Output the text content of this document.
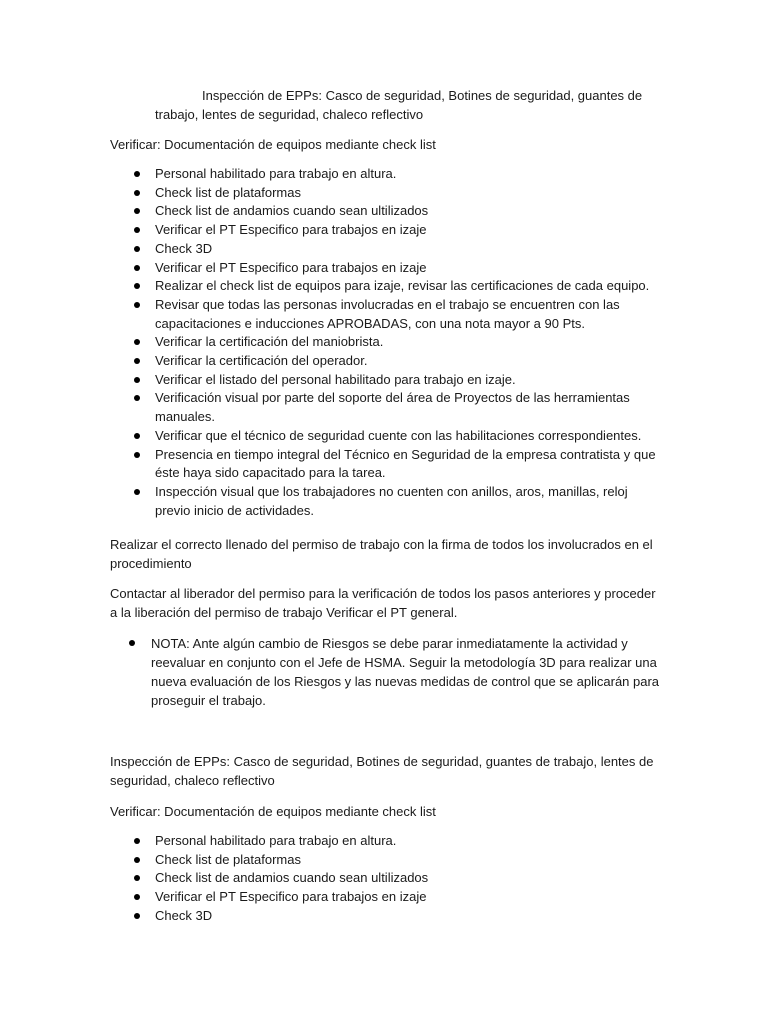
Inspección de EPPs: Casco de seguridad, Botines de seguridad, guantes de
trabajo, lentes de seguridad, chaleco reflectivo

Verificar: Documentación de equipos mediante check list

Personal habilitado para trabajo en altura.
Check list de plataformas
Check list de andamios cuando sean ultilizados
Verificar el PT Especifico para trabajos en izaje
Check 3D
Verificar el PT Especifico para trabajos en izaje
Realizar el check list de equipos para izaje, revisar las certificaciones de cada equipo.
Revisar que todas las personas involucradas en el trabajo se encuentren con las capacitaciones e inducciones APROBADAS, con una nota mayor a 90 Pts.
Verificar la certificación del maniobrista.
Verificar la certificación del operador.
Verificar el listado del personal habilitado para trabajo en izaje.
Verificación visual por parte del soporte del área de Proyectos de las herramientas manuales.
Verificar que el técnico de seguridad cuente con las habilitaciones correspondientes.
Presencia en tiempo integral del Técnico en Seguridad de la empresa contratista y que éste haya sido capacitado para la tarea.
Inspección visual que los trabajadores no cuenten con anillos, aros, manillas, reloj previo inicio de actividades.

Realizar el correcto llenado del permiso de trabajo con la firma de todos los involucrados en el procedimiento

Contactar al liberador del permiso para la verificación de todos los pasos anteriores y proceder a la liberación del permiso de trabajo Verificar el PT general.

NOTA: Ante algún cambio de Riesgos se debe parar inmediatamente la actividad y reevaluar en conjunto con el Jefe de HSMA. Seguir la metodología 3D para realizar una nueva evaluación de los Riesgos y las nuevas medidas de control que se aplicarán para proseguir el trabajo.

Inspección de EPPs: Casco de seguridad, Botines de seguridad, guantes de trabajo, lentes de seguridad, chaleco reflectivo

Verificar: Documentación de equipos mediante check list

Personal habilitado para trabajo en altura.
Check list de plataformas
Check list de andamios cuando sean ultilizados
Verificar el PT Especifico para trabajos en izaje
Check 3D
